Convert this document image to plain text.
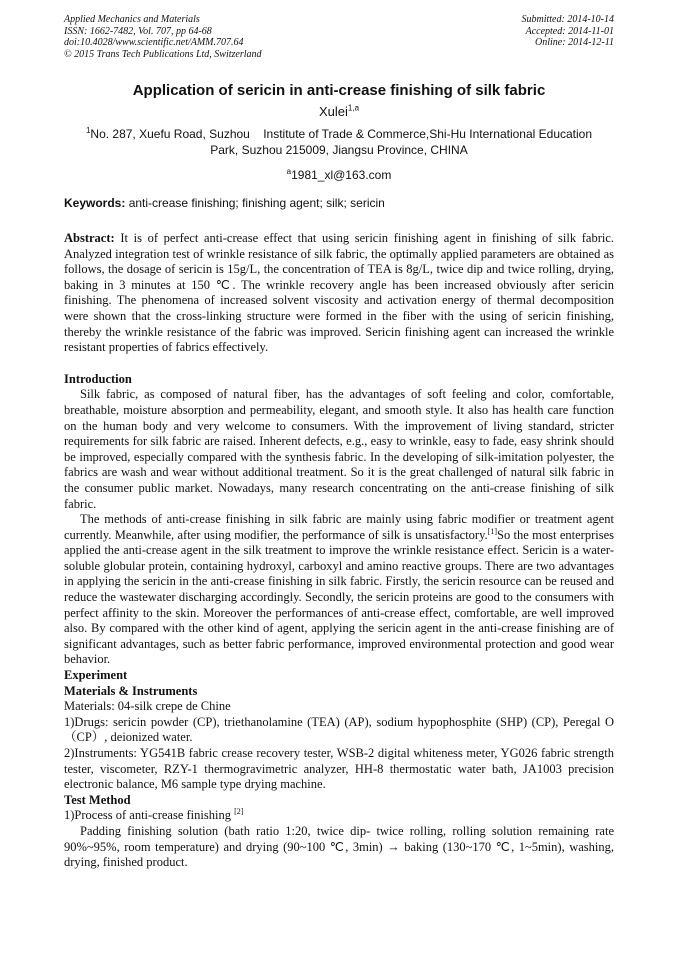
Applied Mechanics and Materials
ISSN: 1662-7482, Vol. 707, pp 64-68
doi:10.4028/www.scientific.net/AMM.707.64
© 2015 Trans Tech Publications Ltd, Switzerland
Submitted: 2014-10-14
Accepted: 2014-11-01
Online: 2014-12-11
Application of sericin in anti-crease finishing of silk fabric
Xulei$^{1,a}$
$^1$No. 287, Xuefu Road, Suzhou    Institute of Trade & Commerce,Shi-Hu International Education
Park, Suzhou 215009, Jiangsu Province, CHINA
$^a$1981_xl@163.com
Keywords: anti-crease finishing; finishing agent; silk; sericin
Abstract: It is of perfect anti-crease effect that using sericin finishing agent in finishing of silk fabric. Analyzed integration test of wrinkle resistance of silk fabric, the optimally applied parameters are obtained as follows, the dosage of sericin is 15g/L, the concentration of TEA is 8g/L, twice dip and twice rolling, drying, baking in 3 minutes at 150 ℃. The wrinkle recovery angle has been increased obviously after sericin finishing. The phenomena of increased solvent viscosity and activation energy of thermal decomposition were shown that the cross-linking structure were formed in the fiber with the using of sericin finishing, thereby the wrinkle resistance of the fabric was improved. Sericin finishing agent can increased the wrinkle resistant properties of fabrics effectively.
Introduction
Silk fabric, as composed of natural fiber, has the advantages of soft feeling and color, comfortable, breathable, moisture absorption and permeability, elegant, and smooth style. It also has health care function on the human body and very welcome to consumers. With the improvement of living standard, stricter requirements for silk fabric are raised. Inherent defects, e.g., easy to wrinkle, easy to fade, easy shrink should be improved, especially compared with the synthesis fabric. In the developing of silk-imitation polyester, the fabrics are wash and wear without additional treatment. So it is the great challenged of natural silk fabric in the consumer public market. Nowadays, many research concentrating on the anti-crease finishing of silk fabric.
The methods of anti-crease finishing in silk fabric are mainly using fabric modifier or treatment agent currently. Meanwhile, after using modifier, the performance of silk is unsatisfactory.[1]So the most enterprises applied the anti-crease agent in the silk treatment to improve the wrinkle resistance effect. Sericin is a water-soluble globular protein, containing hydroxyl, carboxyl and amino reactive groups. There are two advantages in applying the sericin in the anti-crease finishing in silk fabric. Firstly, the sericin resource can be reused and reduce the wastewater discharging accordingly. Secondly, the sericin proteins are good to the consumers with perfect affinity to the skin. Moreover the performances of anti-crease effect, comfortable, are well improved also. By compared with the other kind of agent, applying the sericin agent in the anti-crease finishing are of significant advantages, such as better fabric performance, improved environmental protection and good wear behavior.
Experiment
Materials & Instruments
Materials: 04-silk crepe de Chine
1)Drugs: sericin powder (CP), triethanolamine (TEA) (AP), sodium hypophosphite (SHP) (CP), Peregal O（CP）, deionized water.
2)Instruments: YG541B fabric crease recovery tester, WSB-2 digital whiteness meter, YG026 fabric strength tester, viscometer, RZY-1 thermogravimetric analyzer, HH-8 thermostatic water bath, JA1003 precision electronic balance, M6 sample type drying machine.
Test Method
1)Process of anti-crease finishing [2]
Padding finishing solution (bath ratio 1:20, twice dip- twice rolling, rolling solution remaining rate 90%~95%, room temperature) and drying (90~100 ℃, 3min) → baking (130~170 ℃, 1~5min), washing, drying, finished product.
